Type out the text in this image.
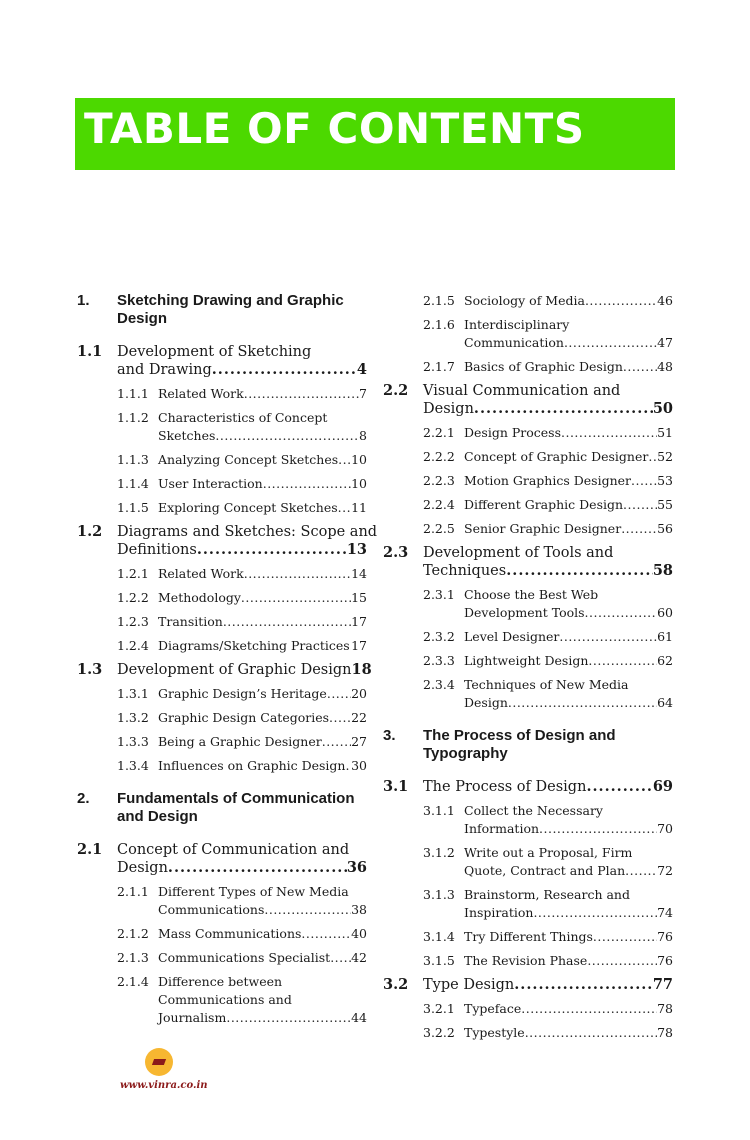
TABLE OF CONTENTS
1. Sketching Drawing and Graphic
Design
1.1 Development of Sketching
and Drawing .....	4
1.1.1 Related Work .....	7
1.1.2 Characteristics of Concept
Sketches .....	8
1.1.3 Analyzing Concept Sketches ..... 10
1.1.4 User Interaction .....	10
1.1.5 Exploring Concept Sketches ..... 11
1.2 Diagrams and Sketches: Scope and
Definitions .....	13
1.2.1 Related Work .....	14
1.2.2 Methodology .....	15
1.2.3 Transition .....	17
1.2.4 Diagrams/Sketching Practices ..... 17
1.3 Development of Graphic Design 18
1.3.1 Graphic Design’s Heritage ..... 20
1.3.2 Graphic Design Categories ..... 22
1.3.3 Being a Graphic Designer ..... 27
1.3.4 Influences on Graphic Design ..... 30
2. Fundamentals of Communication
and Design
2.1 Concept of Communication and
Design .....	36
2.1.1 Different Types of New Media
Communications .....	38
2.1.2 Mass Communications .....	40
2.1.3 Communications Specialist ..... 42
2.1.4 Difference between
Communications and
Journalism .....	44
2.1.5 Sociology of Media .....	46
2.1.6 Interdisciplinary
Communication .....	47
2.1.7 Basics of Graphic Design .....	48
2.2 Visual Communication and
Design .....	50
2.2.1 Design Process .....	51
2.2.2 Concept of Graphic Designer ..... 52
2.2.3 Motion Graphics Designer ..... 53
2.2.4 Different Graphic Design .....	55
2.2.5 Senior Graphic Designer .....	56
2.3 Development of Tools and
Techniques .....	58
2.3.1 Choose the Best Web
Development Tools .....	60
2.3.2 Level Designer .....	61
2.3.3 Lightweight Design .....	62
2.3.4 Techniques of New Media
Design .....	64
3. The Process of Design and
Typography
3.1 The Process of Design .....	69
3.1.1 Collect the Necessary
Information .....	70
3.1.2 Write out a Proposal, Firm
Quote, Contract and Plan .....	72
3.1.3 Brainstorm, Research and
Inspiration .....	74
3.1.4 Try Different Things .....	76
3.1.5 The Revision Phase .....	76
3.2 Type Design .....	77
3.2.1 Typeface .....	78
3.2.2 Typestyle .....	78
www.vinra.co.in
